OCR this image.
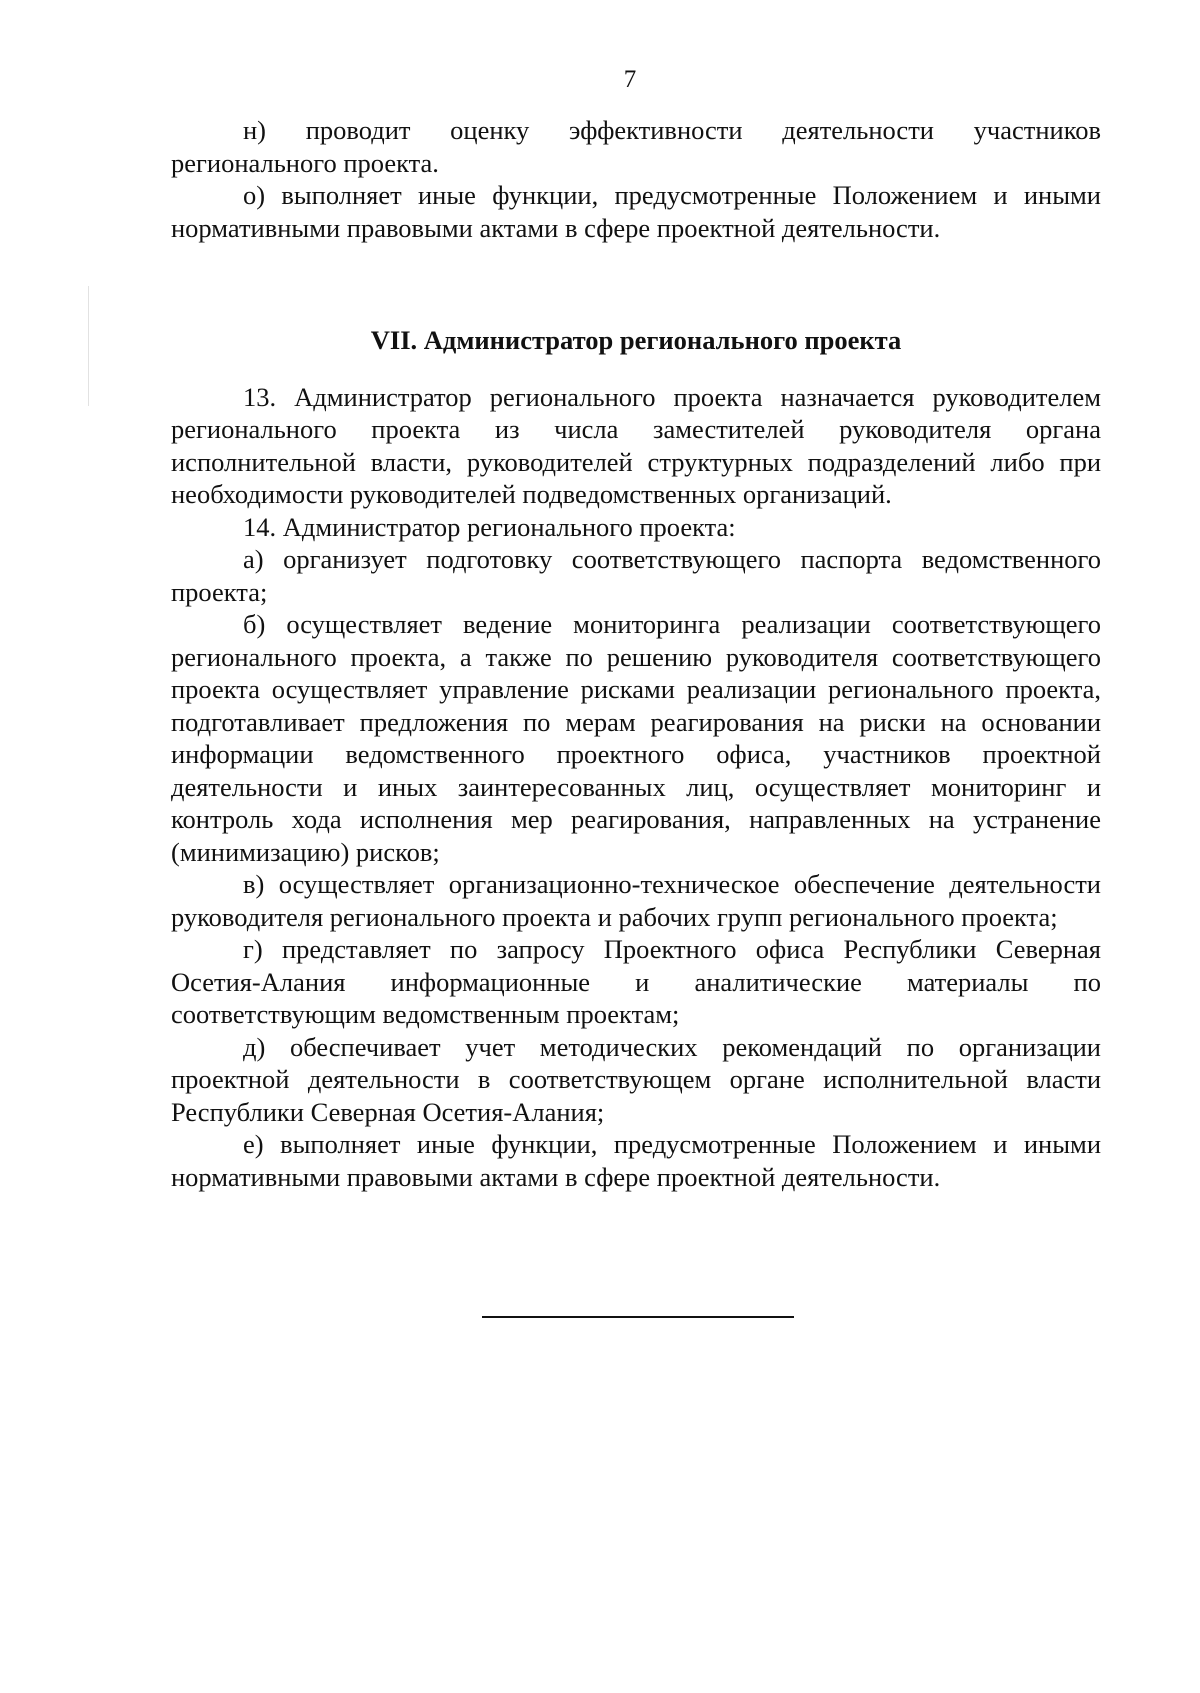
7

н) проводит оценку эффективности деятельности участников регионального проекта.

о) выполняет иные функции, предусмотренные Положением и иными нормативными правовыми актами в сфере проектной деятельности.

VII. Администратор регионального проекта

13. Администратор регионального проекта назначается руководителем регионального проекта из числа заместителей руководителя органа исполнительной власти, руководителей структурных подразделений либо при необходимости руководителей подведомственных организаций.

14. Администратор регионального проекта:

а) организует подготовку соответствующего паспорта ведомственного проекта;

б) осуществляет ведение мониторинга реализации соответствующего регионального проекта, а также по решению руководителя соответствующего проекта осуществляет управление рисками реализации регионального проекта, подготавливает предложения по мерам реагирования на риски на основании информации ведомственного проектного офиса, участников проектной деятельности и иных заинтересованных лиц, осуществляет мониторинг и контроль хода исполнения мер реагирования, направленных на устранение (минимизацию) рисков;

в) осуществляет организационно-техническое обеспечение деятельности руководителя регионального проекта и рабочих групп регионального проекта;

г) представляет по запросу Проектного офиса Республики Северная Осетия-Алания информационные и аналитические материалы по соответствующим ведомственным проектам;

д) обеспечивает учет методических рекомендаций по организации проектной деятельности в соответствующем органе исполнительной власти Республики Северная Осетия-Алания;

е) выполняет иные функции, предусмотренные Положением и иными нормативными правовыми актами в сфере проектной деятельности.
